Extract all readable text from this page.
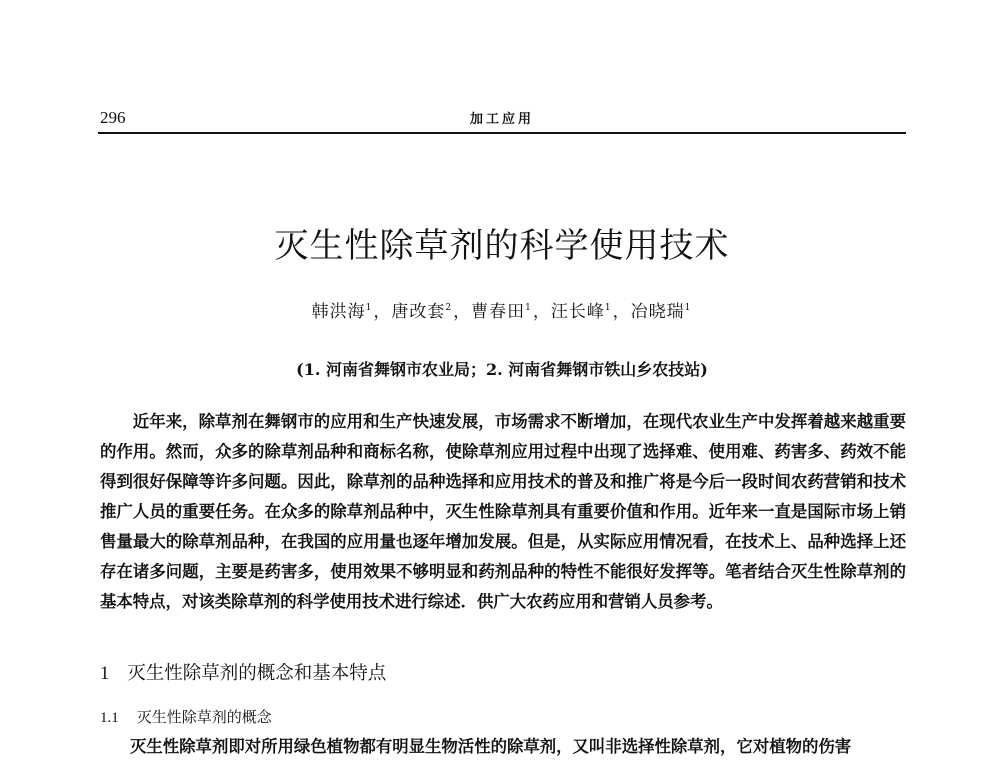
296	加工应用
灭生性除草剂的科学使用技术
韩洪海$^1$，唐改套$^2$，曹春田$^1$，汪长峰$^1$，冶晓瑞$^1$
(1. 河南省舞钢市农业局；2. 河南省舞钢市铁山乡农技站)
近年来，除草剂在舞钢市的应用和生产快速发展，市场需求不断增加，在现代农业生产中发挥着越来越重要的作用。然而，众多的除草剂品种和商标名称，使除草剂应用过程中出现了选择难、使用难、药害多、药效不能得到很好保障等许多问题。因此，除草剂的品种选择和应用技术的普及和推广将是今后一段时间农药营销和技术推广人员的重要任务。在众多的除草剂品种中，灭生性除草剂具有重要价值和作用。近年来一直是国际市场上销售量最大的除草剂品种，在我国的应用量也逐年增加发展。但是，从实际应用情况看，在技术上、品种选择上还存在诸多问题，主要是药害多，使用效果不够明显和药剂品种的特性不能很好发挥等。笔者结合灭生性除草剂的基本特点，对该类除草剂的科学使用技术进行综述．供广大农药应用和营销人员参考。
1 灭生性除草剂的概念和基本特点
1.1 灭生性除草剂的概念
灭生性除草剂即对所用绿色植物都有明显生物活性的除草剂，又叫非选择性除草剂，它对植物的伤害
